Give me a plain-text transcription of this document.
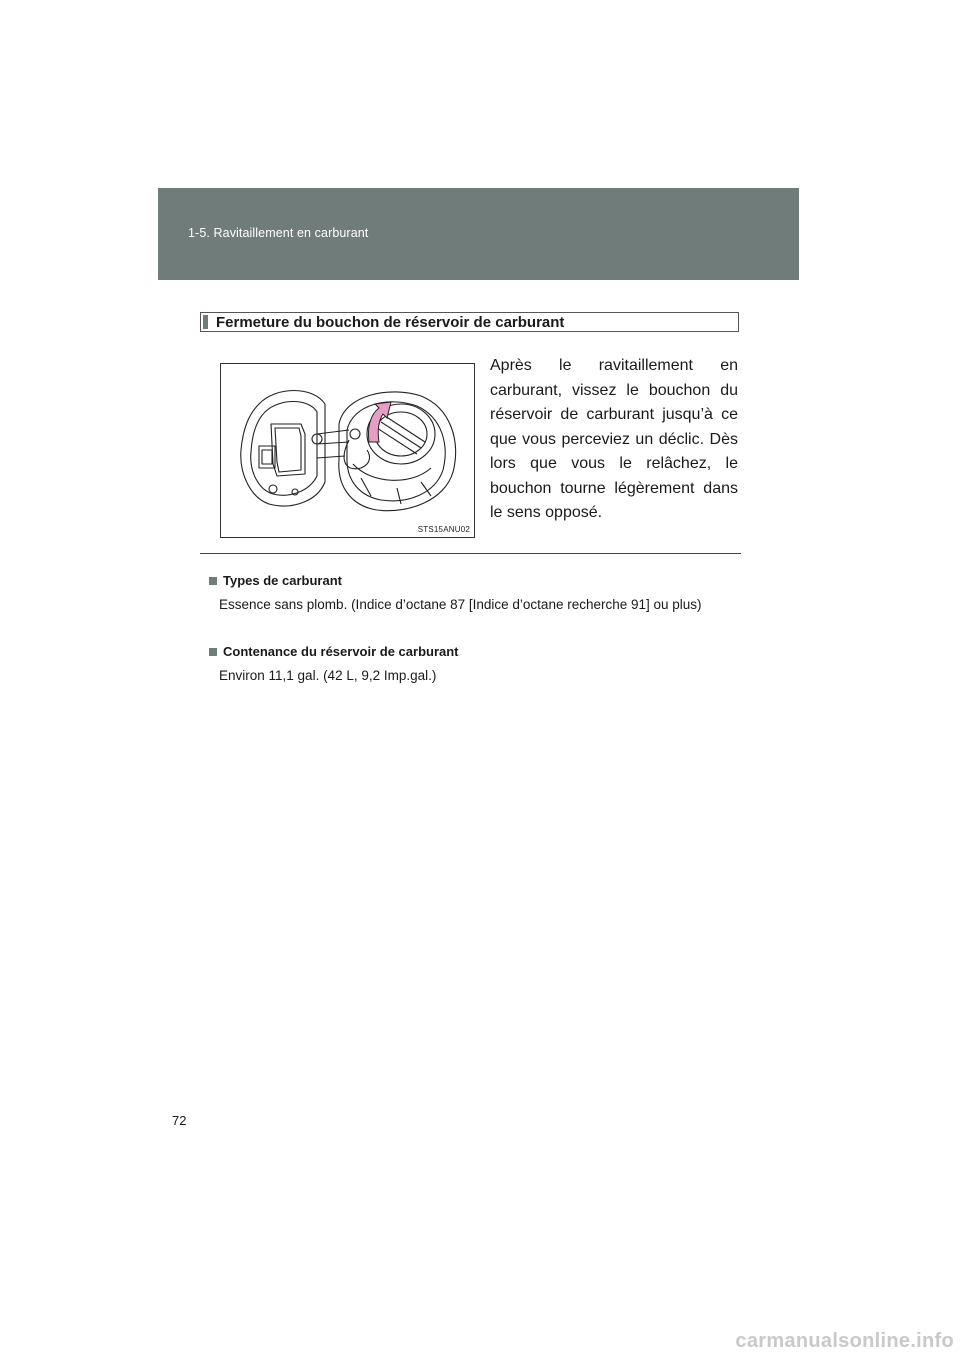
1-5. Ravitaillement en carburant
Fermeture du bouchon de réservoir de carburant
STS15ANU02
Après le ravitaillement en carburant, vissez le bouchon du réservoir de carburant jusqu’à ce que vous perceviez un déclic. Dès lors que vous le relâchez, le bouchon tourne légèrement dans le sens opposé.
Types de carburant
Essence sans plomb. (Indice d’octane 87 [Indice d’octane recherche 91] ou plus)
Contenance du réservoir de carburant
Environ 11,1 gal. (42 L, 9,2 Imp.gal.)
72
carmanualsonline.info
